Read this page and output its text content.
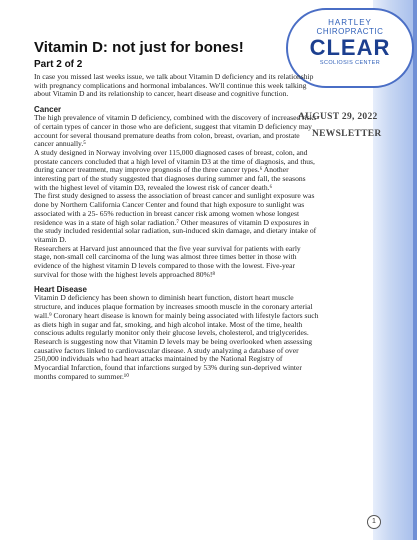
HARTLEY
CHIROPRACTIC
CLEAR
SCOLIOSIS CENTER
Vitamin D: not just for bones!
Part 2 of 2
AUGUST 29, 2022
NEWSLETTER

In case you missed last weeks issue, we talk about Vitamin D deficiency and its relationship with pregnancy complications and hormonal imbalances. We'll continue this week talking about Vitamin D and its relationship to cancer, heart disease and cognitive function.

Cancer

The high prevalence of vitamin D deficiency, combined with the discovery of increased risks of certain types of cancer in those who are deficient, suggest that vitamin D deficiency may account for several thousand premature deaths from colon, breast, ovarian, and prostate cancer annually.⁵

A study designed in Norway involving over 115,000 diagnosed cases of breast, colon, and prostate cancers concluded that a high level of vitamin D3 at the time of diagnosis, and thus, during cancer treatment, may improve prognosis of the three cancer types.⁶ Another interesting part of the study suggested that diagnoses during summer and fall, the seasons with the highest level of vitamin D3, revealed the lowest risk of cancer death.⁶

The first study designed to assess the association of breast cancer and sunlight exposure was done by Northern California Cancer Center and found that high exposure to sunlight was associated with a 25- 65% reduction in breast cancer risk among women whose longest residence was in a state of high solar radiation.⁷ Other measures of vitamin D exposures in the study included residential solar radiation, sun-induced skin damage, and dietary intake of vitamin D.

Researchers at Harvard just announced that the five year survival for patients with early stage, non-small cell carcinoma of the lung was almost three times better in those with evidence of the highest vitamin D levels compared to those with the lowest. Five-year survival for those with the highest levels approached 80%!⁸

Heart Disease

Vitamin D deficiency has been shown to diminish heart function, distort heart muscle structure, and induces plaque formation by increases smooth muscle in the coronary arterial wall.⁹ Coronary heart disease is known for mainly being associated with lifestyle factors such as diets high in sugar and fat, smoking, and high alcohol intake. Most of the time, health conscious adults regularly monitor only their glucose levels, cholesterol, and triglycerides. Research is suggesting now that Vitamin D levels may be being overlooked when assessing causative factors linked to cardiovascular disease. A study analyzing a database of over 250,000 individuals who had heart attacks maintained by the National Registry of Myocardial Infarction, found that infarctions surged by 53% during sun-deprived winter months compared to summer.¹⁰

1
